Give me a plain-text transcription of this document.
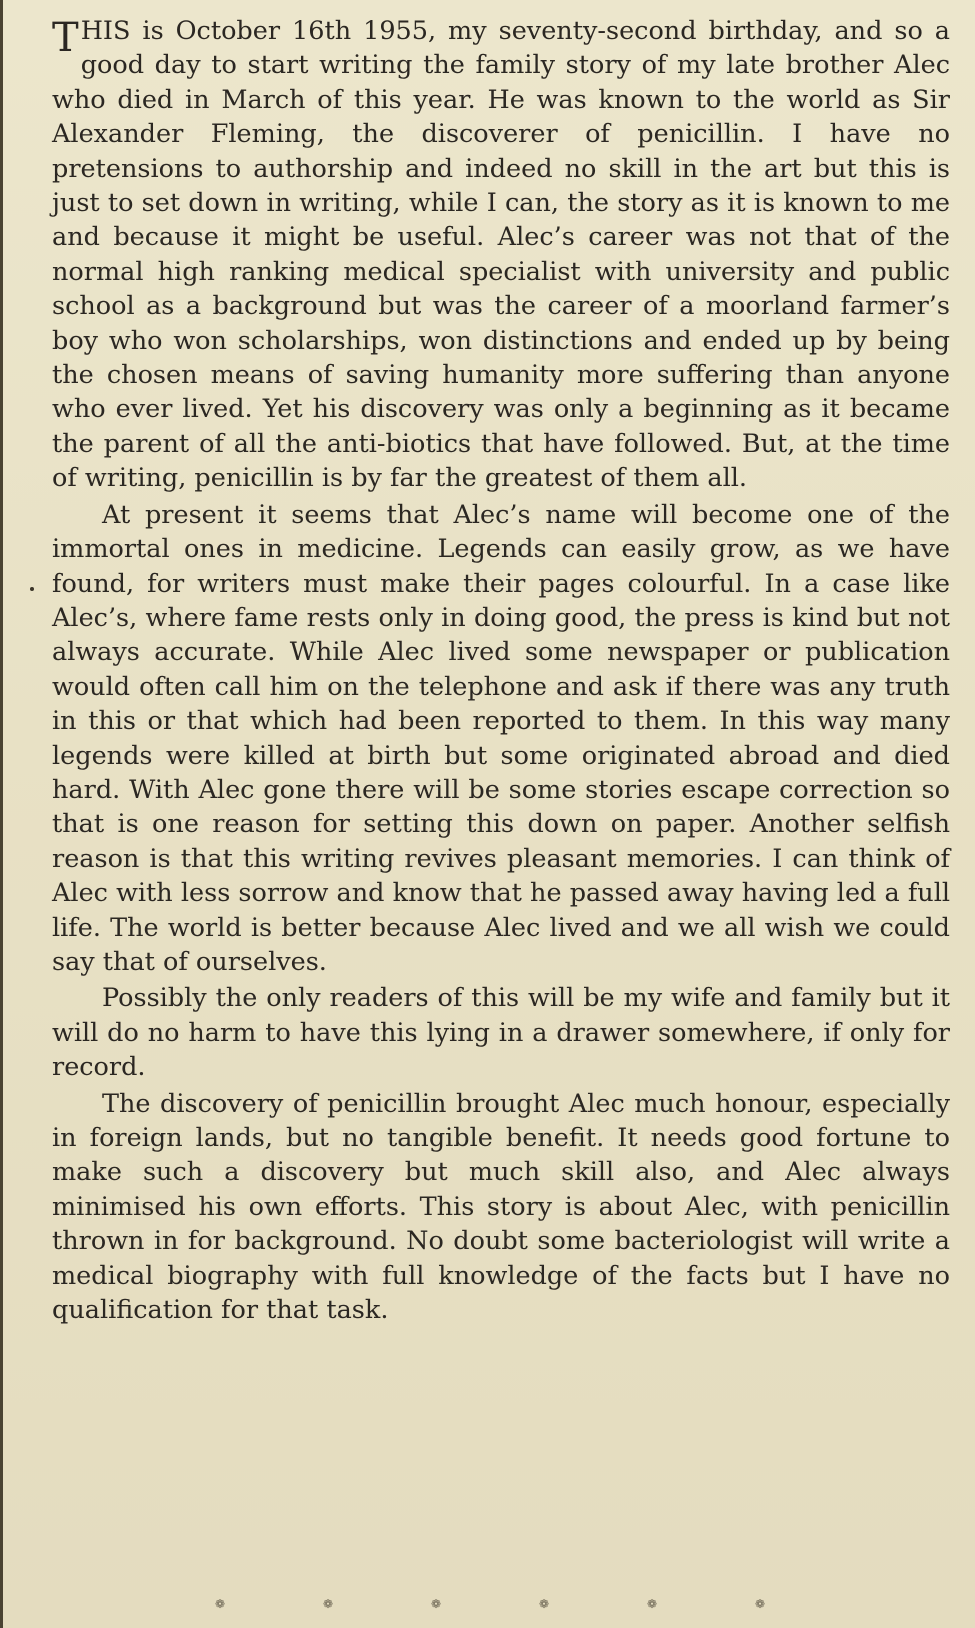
THIS is October 16th 1955, my seventy-second birthday, and so a good day to start writing the family story of my late brother Alec who died in March of this year. He was known to the world as Sir Alexander Fleming, the discoverer of penicillin. I have no pretensions to authorship and indeed no skill in the art but this is just to set down in writing, while I can, the story as it is known to me and because it might be useful. Alec’s career was not that of the normal high ranking medical specialist with university and public school as a background but was the career of a moorland farmer’s boy who won scholarships, won distinctions and ended up by being the chosen means of saving humanity more suffering than anyone who ever lived. Yet his discovery was only a beginning as it became the parent of all the anti-biotics that have followed. But, at the time of writing, penicillin is by far the greatest of them all.

At present it seems that Alec’s name will become one of the immortal ones in medicine. Legends can easily grow, as we have found, for writers must make their pages colourful. In a case like Alec’s, where fame rests only in doing good, the press is kind but not always accurate. While Alec lived some newspaper or publication would often call him on the telephone and ask if there was any truth in this or that which had been reported to them. In this way many legends were killed at birth but some originated abroad and died hard. With Alec gone there will be some stories escape correction so that is one reason for setting this down on paper. Another selfish reason is that this writing revives pleasant memories. I can think of Alec with less sorrow and know that he passed away having led a full life. The world is better because Alec lived and we all wish we could say that of ourselves.

Possibly the only readers of this will be my wife and family but it will do no harm to have this lying in a drawer somewhere, if only for record.

The discovery of penicillin brought Alec much honour, especially in foreign lands, but no tangible benefit. It needs good fortune to make such a discovery but much skill also, and Alec always minimised his own efforts. This story is about Alec, with penicillin thrown in for background. No doubt some bacteriologist will write a medical biography with full knowledge of the facts but I have no qualification for that task.

❁	❁	❁	❁	❁	❁
